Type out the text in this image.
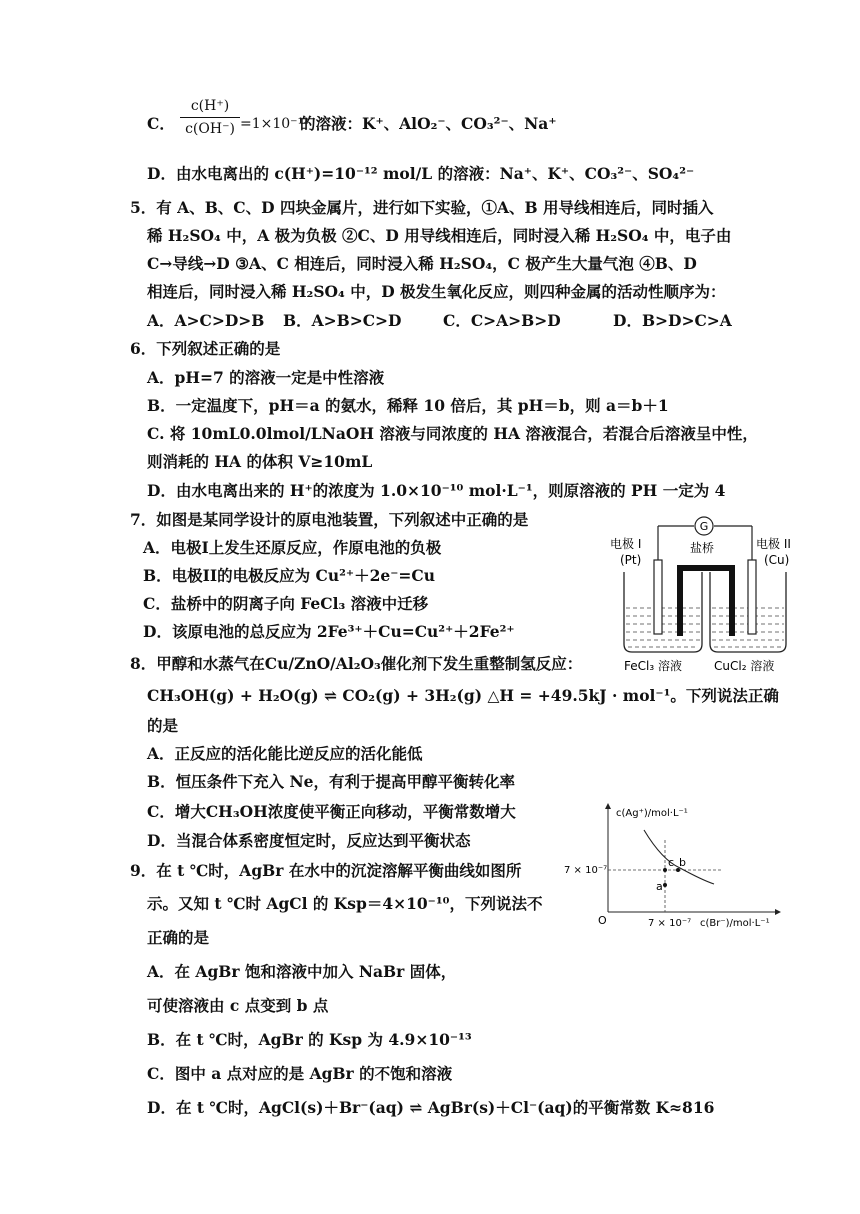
C．
c(H⁺)
c(OH⁻) =1×10⁻¹²
的溶液：K⁺、AlO₂⁻、CO₃²⁻、Na⁺
D．由水电离出的 c(H⁺)=10⁻¹² mol/L 的溶液：Na⁺、K⁺、CO₃²⁻、SO₄²⁻
5．有 A、B、C、D 四块金属片，进行如下实验，①A、B 用导线相连后，同时插入
稀 H₂SO₄ 中，A 极为负极 ②C、D 用导线相连后，同时浸入稀 H₂SO₄ 中，电子由
C→导线→D ③A、C 相连后，同时浸入稀 H₂SO₄，C 极产生大量气泡 ④B、D
相连后，同时浸入稀 H₂SO₄ 中，D 极发生氧化反应，则四种金属的活动性顺序为：
A．A>C>D>B B．A>B>C>D	C．C>A>B>D	D．B>D>C>A
6．下列叙述正确的是
A．pH=7 的溶液一定是中性溶液
B．一定温度下，pH＝a 的氨水，稀释 10 倍后，其 pH＝b，则 a＝b＋1
C. 将 10mL0.0lmol/LNaOH 溶液与同浓度的 HA 溶液混合，若混合后溶液呈中性，
则消耗的 HA 的体积 V≥10mL
D．由水电离出来的 H⁺的浓度为 1.0×10⁻¹⁰ mol·L⁻¹，则原溶液的 PH 一定为 4
7．如图是某同学设计的原电池装置，下列叙述中正确的是
A．电极I上发生还原反应，作原电池的负极
B．电极II的电极反应为 Cu²⁺＋2e⁻=Cu
C．盐桥中的阴离子向 FeCl₃ 溶液中迁移
D．该原电池的总反应为 2Fe³⁺＋Cu=Cu²⁺＋2Fe²⁺
G
电极 I
(Pt)
电极 II
(Cu)
盐桥
FeCl₃ 溶液	CuCl₂ 溶液
8．甲醇和水蒸气在Cu/ZnO/Al₂O₃催化剂下发生重整制氢反应：
CH₃OH(g) + H₂O(g) ⇌ CO₂(g) + 3H₂(g) △H = +49.5kJ · mol⁻¹。下列说法正确
的是
A．正反应的活化能比逆反应的活化能低
B．恒压条件下充入 Ne，有利于提高甲醇平衡转化率
C．增大CH₃OH浓度使平衡正向移动，平衡常数增大
D．当混合体系密度恒定时，反应达到平衡状态
c(Ag⁺)/mol·L⁻¹
c(Br⁻)/mol·L⁻¹
O
7 × 10⁻⁷
7 × 10⁻⁷
a
c b
9．在 t ℃时，AgBr 在水中的沉淀溶解平衡曲线如图所
示。又知 t ℃时 AgCl 的 Ksp＝4×10⁻¹⁰，下列说法不
正确的是
A．在 AgBr 饱和溶液中加入 NaBr 固体，
可使溶液由 c 点变到 b 点
B．在 t ℃时，AgBr 的 Ksp 为 4.9×10⁻¹³
C．图中 a 点对应的是 AgBr 的不饱和溶液
D．在 t ℃时，AgCl(s)＋Br⁻(aq) ⇌ AgBr(s)＋Cl⁻(aq)的平衡常数 K≈816
